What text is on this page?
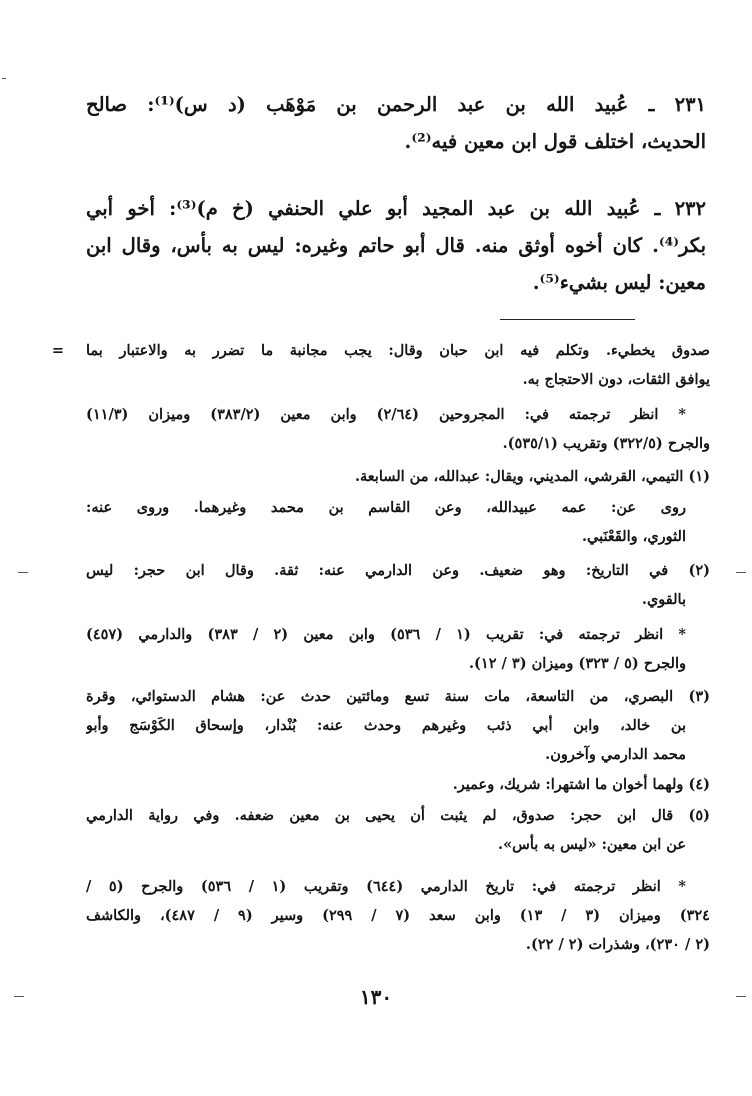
٢٣١ ـ عُبيد الله بن عبد الرحمن بن مَوْهَب (د س)⁽¹⁾: صالح
الحديث، اختلف قول ابن معين فيه⁽²⁾.
٢٣٢ ـ عُبيد الله بن عبد المجيد أبو علي الحنفي (خ م)⁽³⁾: أخو أبي
بكر⁽⁴⁾. كان أخوه أوثق منه. قال أبو حاتم وغيره: ليس به بأس، وقال ابن
معين: ليس بشيء⁽⁵⁾.
= صدوق يخطيء. وتكلم فيه ابن حبان وقال: يجب مجانبة ما تضرر به والاعتبار بما
يوافق الثقات، دون الاحتجاج به.
* انظر ترجمته في: المجروحين (٢/٦٤) وابن معين (٣٨٣/٢) وميزان (١١/٣)
والجرح (٣٢٢/٥) وتقريب (٥٣٥/١).
(١) التيمي، القرشي، المديني، ويقال: عبدالله، من السابعة.
روى عن: عمه عبيدالله، وعن القاسم بن محمد وغيرهما. وروى عنه:
الثوري، والقَعْنَبي.
(٢) في التاريخ: وهو ضعيف. وعن الدارمي عنه: ثقة. وقال ابن حجر: ليس
بالقوي.
* انظر ترجمته في: تقريب (١ / ٥٣٦) وابن معين (٢ / ٣٨٣) والدارمي (٤٥٧)
والجرح (٥ / ٣٢٣) وميزان (٣ / ١٢).
(٣) البصري، من التاسعة، مات سنة تسع ومائتين حدث عن: هشام الدستوائي، وقرة
بن خالد، وابن أبي ذئب وغيرهم وحدث عنه: بُنْدار، وإسحاق الكَوْسَج وأبو
محمد الدارمي وآخرون.
(٤) ولهما أخوان ما اشتهرا: شريك، وعمير.
(٥) قال ابن حجر: صدوق، لم يثبت أن يحيى بن معين ضعفه. وفي رواية الدارمي
عن ابن معين: «ليس به بأس».
* انظر ترجمته في: تاريخ الدارمي (٦٤٤) وتقريب (١ / ٥٣٦) والجرح (٥ /
٣٢٤) وميزان (٣ / ١٣) وابن سعد (٧ / ٢٩٩) وسير (٩ / ٤٨٧)، والكاشف
(٢ / ٢٣٠)، وشذرات (٢ / ٢٢).
١٣٠
